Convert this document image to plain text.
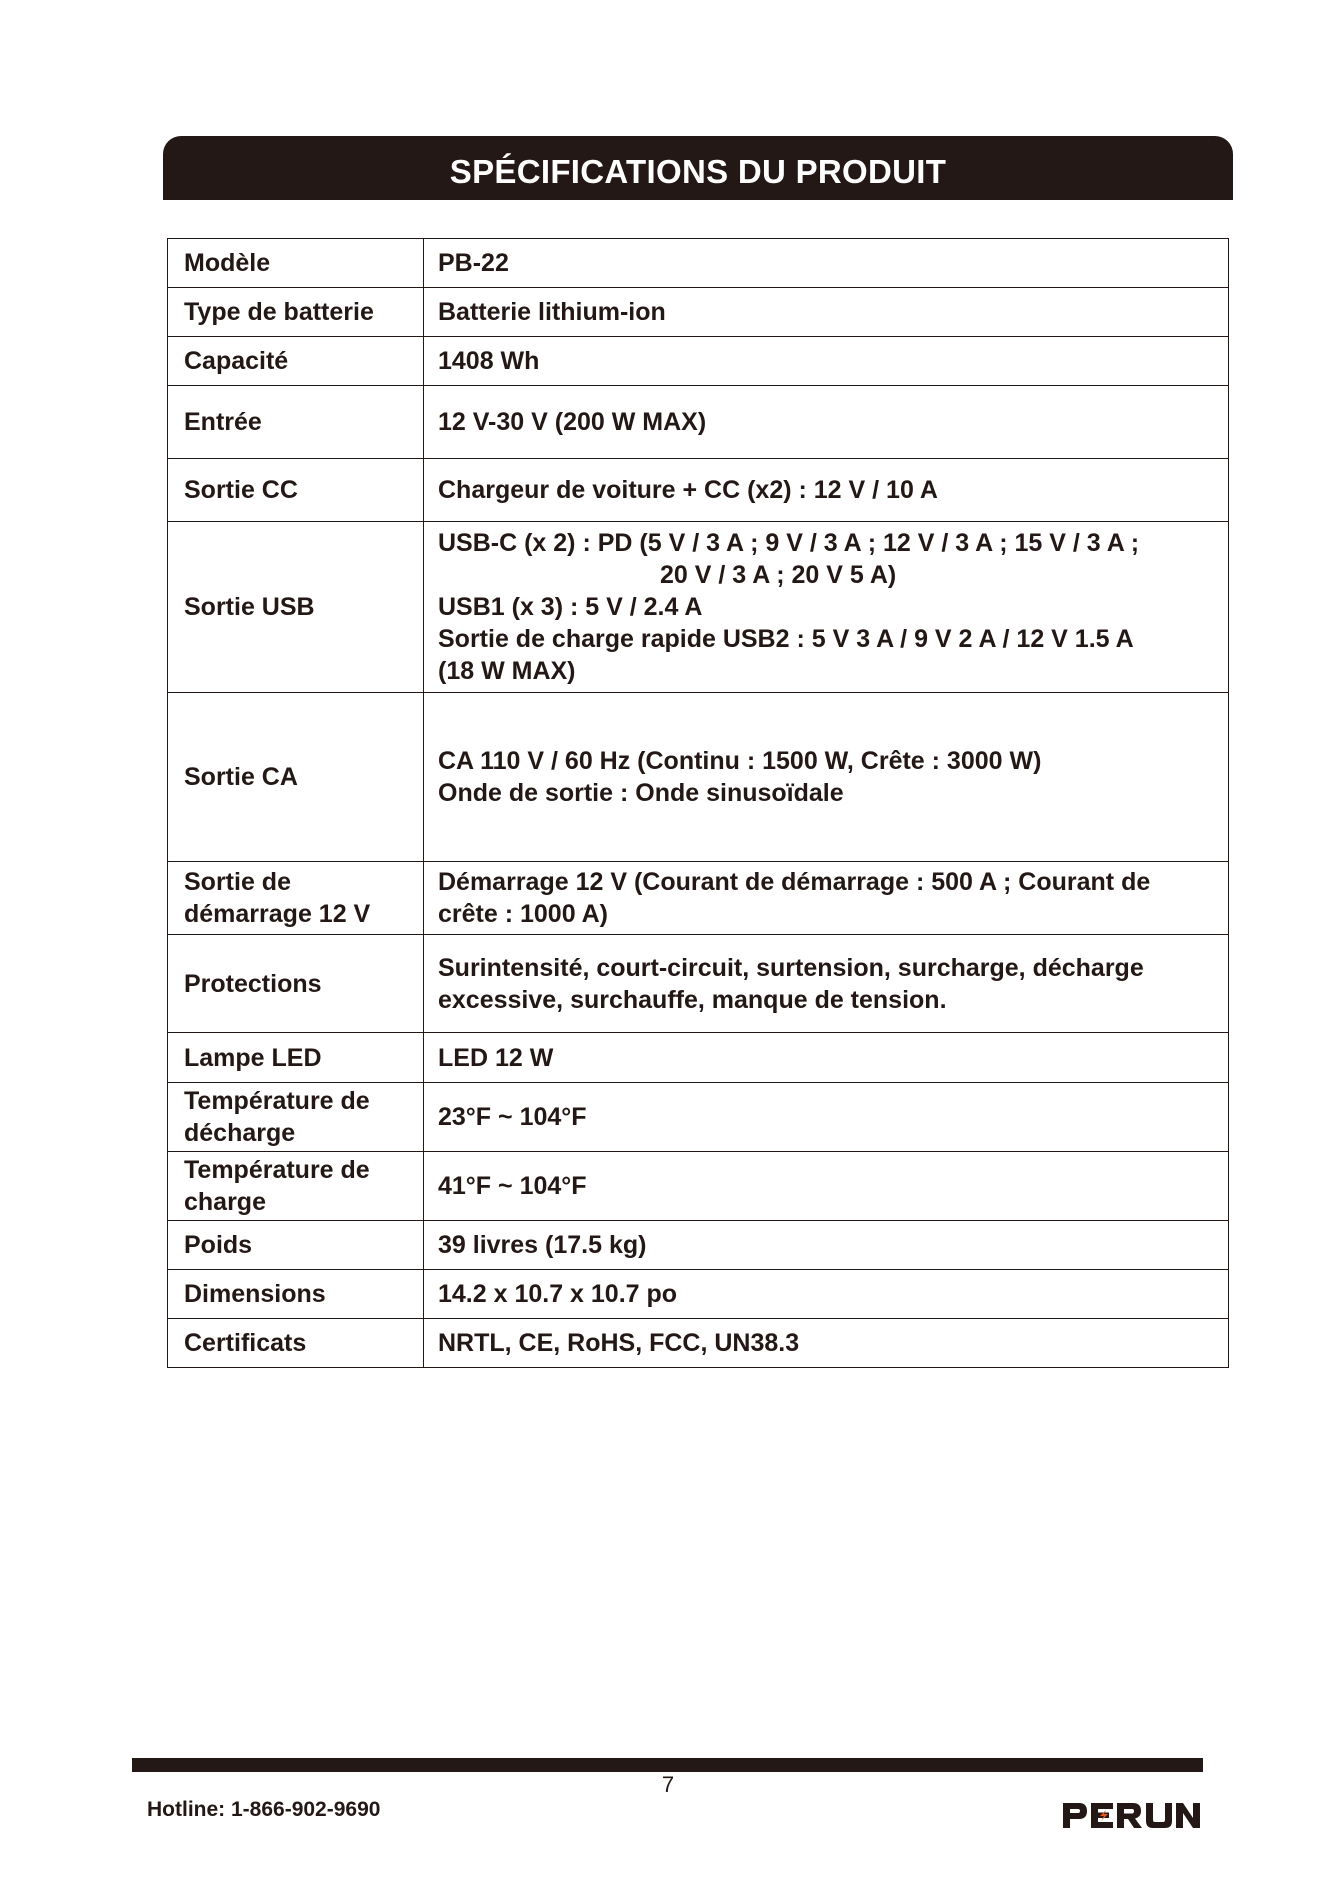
SPÉCIFICATIONS DU PRODUIT
Modèle	PB-22

Type de batterie	Batterie lithium-ion

Capacité	1408 Wh

Entrée	12 V-30 V (200 W MAX)

Sortie CC	Chargeur de voiture + CC (x2) : 12 V / 10 A

Sortie USB	USB-C (x 2) : PD (5 V / 3 A ; 9 V / 3 A ; 12 V / 3 A ; 15 V / 3 A ;
20 V / 3 A ; 20 V 5 A)
USB1 (x 3) : 5 V / 2.4 A
Sortie de charge rapide USB2 : 5 V 3 A / 9 V 2 A / 12 V 1.5 A
(18 W MAX)

Sortie CA	CA 110 V / 60 Hz (Continu : 1500 W, Crête : 3000 W)
Onde de sortie : Onde sinusoïdale

Sortie de
démarrage 12 V	Démarrage 12 V (Courant de démarrage : 500 A ; Courant de
crête : 1000 A)

Protections	Surintensité, court-circuit, surtension, surcharge, décharge
excessive, surchauffe, manque de tension.

Lampe LED	LED 12 W

Température de
décharge	23°F ~ 104°F

Température de
charge	41°F ~ 104°F

Poids	39 livres (17.5 kg)

Dimensions	14.2 x 10.7 x 10.7 po

Certificats	NRTL, CE, RoHS, FCC, UN38.3
7
Hotline: 1-866-902-9690
